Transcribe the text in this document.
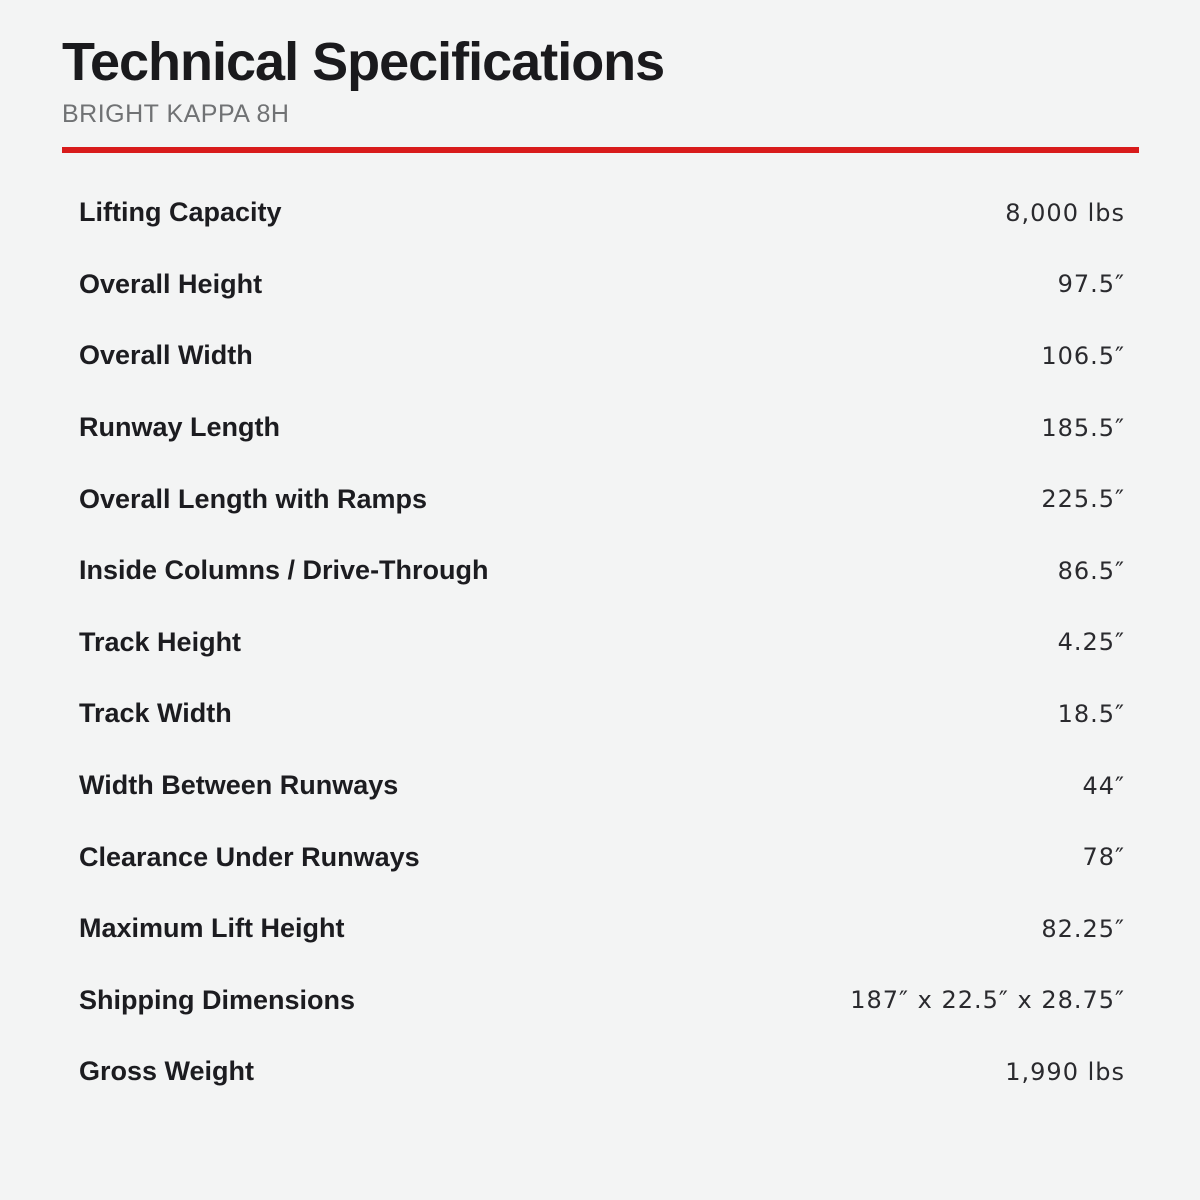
Technical Specifications
BRIGHT KAPPA 8H
Lifting Capacity	8,000 lbs
Overall Height	97.5″
Overall Width	106.5″
Runway Length	185.5″
Overall Length with Ramps	225.5″
Inside Columns / Drive-Through	86.5″
Track Height	4.25″
Track Width	18.5″
Width Between Runways	44″
Clearance Under Runways	78″
Maximum Lift Height	82.25″
Shipping Dimensions	187″ x 22.5″ x 28.75″
Gross Weight	1,990 lbs
